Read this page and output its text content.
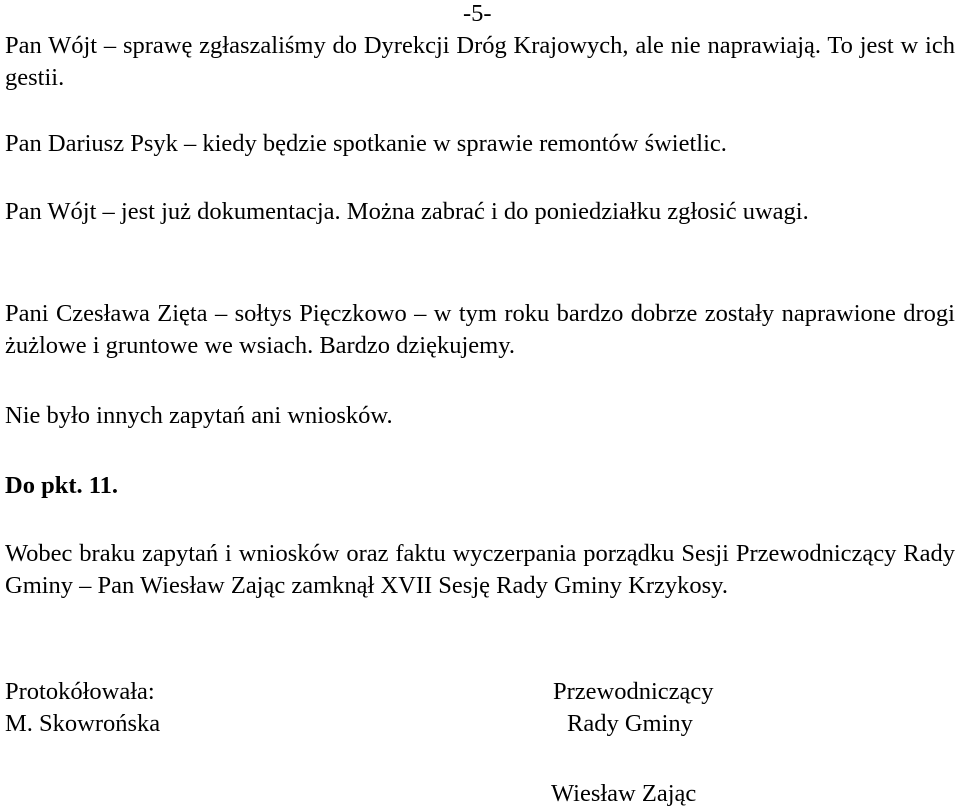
-5-

Pan Wójt – sprawę zgłaszaliśmy do Dyrekcji Dróg Krajowych, ale nie naprawiają. To jest w ich gestii.

Pan Dariusz Psyk – kiedy będzie spotkanie w sprawie remontów świetlic.

Pan Wójt – jest już dokumentacja. Można zabrać i do poniedziałku zgłosić uwagi.

Pani Czesława Zięta – sołtys Pięczkowo – w tym roku bardzo dobrze zostały naprawione drogi żużlowe i gruntowe we wsiach. Bardzo dziękujemy.

Nie było innych zapytań ani wniosków.

Do pkt. 11.

Wobec braku zapytań i wniosków oraz faktu wyczerpania porządku Sesji Przewodniczący Rady Gminy – Pan Wiesław Zając zamknął XVII Sesję Rady Gminy Krzykosy.

Protokółowała:
M. Skowrońska
Przewodniczący
Rady Gminy
Wiesław Zając
